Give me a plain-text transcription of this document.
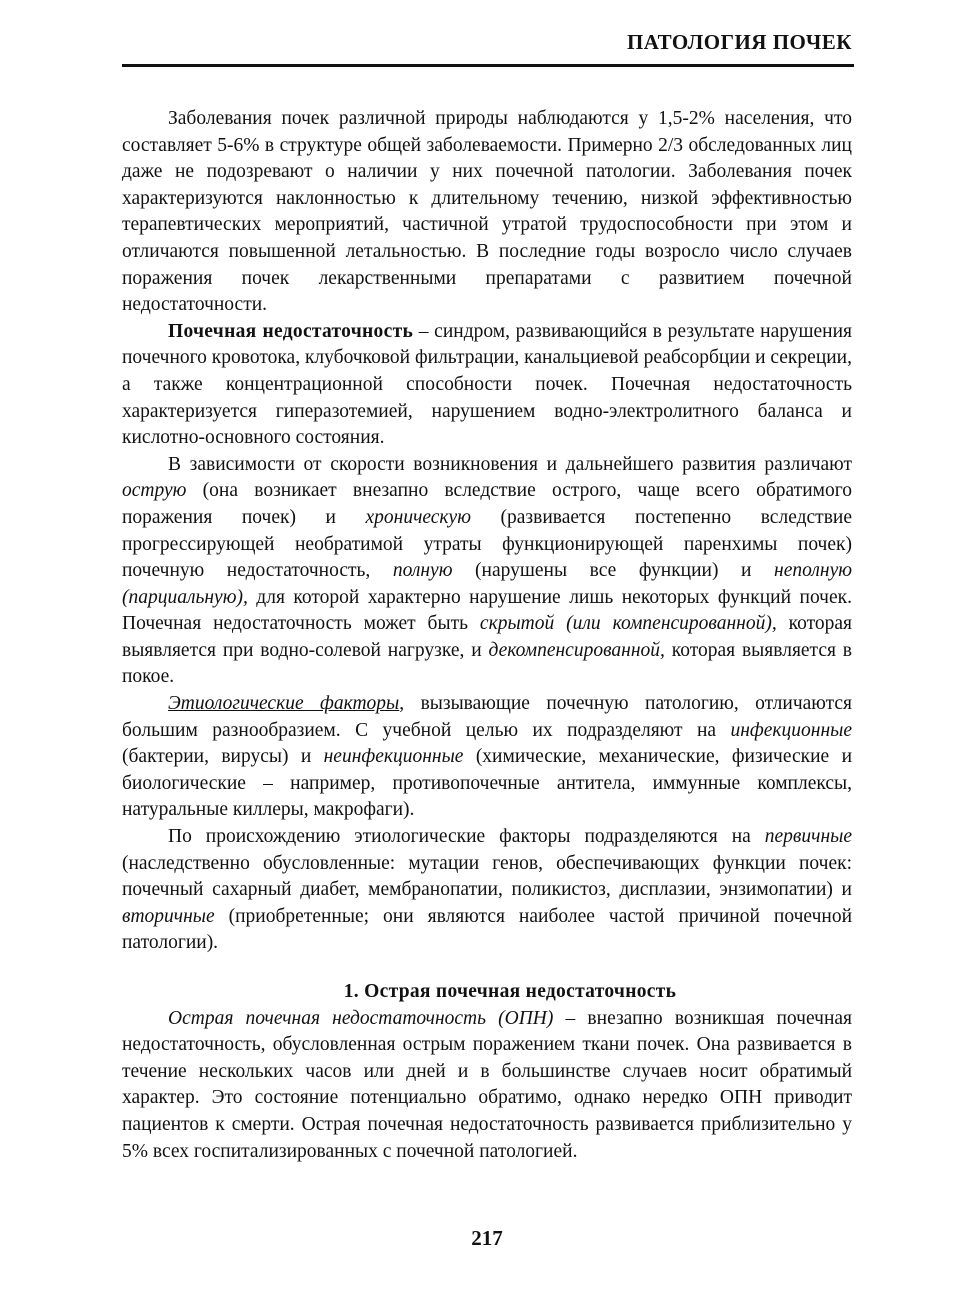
ПАТОЛОГИЯ ПОЧЕК

Заболевания почек различной природы наблюдаются у 1,5-2% населения, что составляет 5-6% в структуре общей заболеваемости. Примерно 2/3 обследованных лиц даже не подозревают о наличии у них почечной патологии. Заболевания почек характеризуются наклонностью к длительному течению, низкой эффективностью терапевтических мероприятий, частичной утратой трудоспособности при этом и отличаются повышенной летальностью. В последние годы возросло число случаев поражения почек лекарственными препаратами с развитием почечной недостаточности.

Почечная недостаточность – синдром, развивающийся в результате нарушения почечного кровотока, клубочковой фильтрации, канальциевой реабсорбции и секреции, а также концентрационной способности почек. Почечная недостаточность характеризуется гиперазотемией, нарушением водно-электролитного баланса и кислотно-основного состояния.

В зависимости от скорости возникновения и дальнейшего развития различают острую (она возникает внезапно вследствие острого, чаще всего обратимого поражения почек) и хроническую (развивается постепенно вследствие прогрессирующей необратимой утраты функционирующей паренхимы почек) почечную недостаточность, полную (нарушены все функции) и неполную (парциальную), для которой характерно нарушение лишь некоторых функций почек. Почечная недостаточность может быть скрытой (или компенсированной), которая выявляется при водно-солевой нагрузке, и декомпенсированной, которая выявляется в покое.

Этиологические факторы, вызывающие почечную патологию, отличаются большим разнообразием. С учебной целью их подразделяют на инфекционные (бактерии, вирусы) и неинфекционные (химические, механические, физические и биологические – например, противопочечные антитела, иммунные комплексы, натуральные киллеры, макрофаги).

По происхождению этиологические факторы подразделяются на первичные (наследственно обусловленные: мутации генов, обеспечивающих функции почек: почечный сахарный диабет, мембранопатии, поликистоз, дисплазии, энзимопатии) и вторичные (приобретенные; они являются наиболее частой причиной почечной патологии).

1. Острая почечная недостаточность

Острая почечная недостаточность (ОПН) – внезапно возникшая почечная недостаточность, обусловленная острым поражением ткани почек. Она развивается в течение нескольких часов или дней и в большинстве случаев носит обратимый характер. Это состояние потенциально обратимо, однако нередко ОПН приводит пациентов к смерти. Острая почечная недостаточность развивается приблизительно у 5% всех госпитализированных с почечной патологией.

217
